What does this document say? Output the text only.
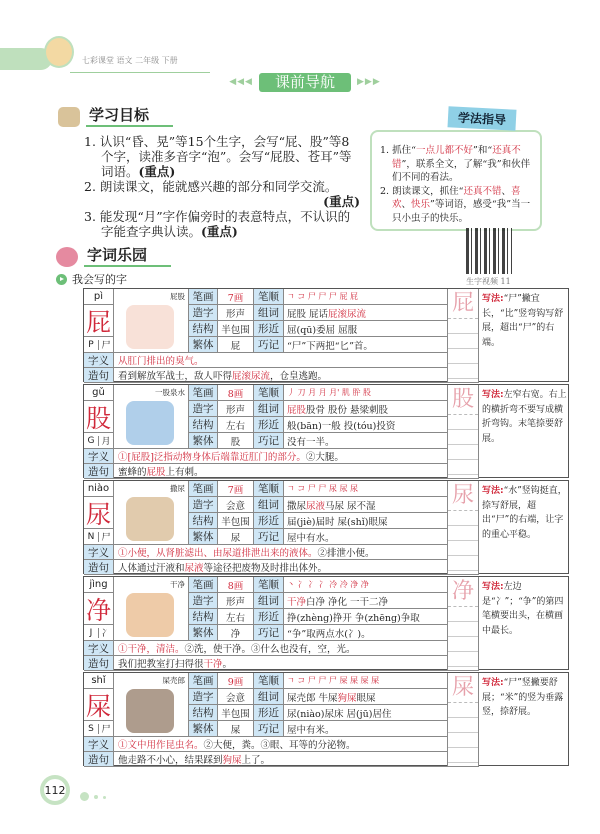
七彩课堂 语文 二年级 下册
◀◀◀	课前导航	▶▶▶
学习目标
1. 认识“昏、晃”等15个生字，会写“屁、股”等8个字，读准多音字“泡”。会写“屁股、苍耳”等词语。(重点)
2. 朗读课文，能就感兴趣的部分和同学交流。
(重点)
3. 能发现“月”字作偏旁时的表意特点，不认识的字能查字典认读。(重点)
1. 抓住“一点儿都不好”和“还真不错”，联系全文，了解“我”和伙伴们不同的看法。
2. 朗读课文，抓住“还真不错、喜欢、快乐”等词语，感受“我”当一只小虫子的快乐。
学法指导
生字视频 11
字词乐园
我会写的字
pì
屁
P 尸
屁股 笔画	7画	笔顺	ㄱ コ 尸 尸 尸 屁 屁
造字	形声	组词 屁股 屁话 屁滚尿流
结构 半包围 形近 屈(qū)委屈 屈服
繁体	屁	巧记 “尸”下两把“匕”首。
屁 写法:“尸”撇宜长，“比”竖弯钩写舒展，超出“尸”的右端。
字义 从肛门排出的臭气。
造句 看到解放军战士，敌人吓得 屁滚尿流 ，仓皇逃跑。
gǔ
股
G 月
一股泉水 笔画	8画	笔顺	丿 刀 月 月 月' 肌 肸 股
造字	形声	组词 屁股 股骨 股份 悬梁刺股
结构	左右	形近 般(bān)一般 投(tóu)投资
繁体	股	巧记 没有一半。
股 写法:左窄右宽。右上的横折弯不要写成横折弯钩。末笔捺要舒展。
字义 ①[屁股]泛指动物身体后端靠近肛门的部分。 ②大腿。
造句 蜜蜂的 屁股 上有刺。
niào
尿
N 尸
撒尿 笔画	7画	笔顺	ㄱ コ 尸 尸 尿 尿 尿
造字	会意	组词 撒尿 尿液 马尿 尿不湿
结构 半包围 形近 届(jiè)届时 屎(shǐ)眼屎
繁体	尿	巧记 屋中有水。
尿 写法:“水”竖钩挺直，捺写舒展，超出“尸”的右端，让字的重心平稳。
字义 ①小便，从肾脏滤出、由尿道排泄出来的液体。 ②排泄小便。
造句 人体通过汗液和 尿液 等途径把废物及时排出体外。
jìng
净
J	冫
干净 笔画	8画	笔顺	丶 冫 冫 冫 冷 冷 净 净
造字	形声	组词 干净 白净 净化 一干二净
结构	左右	形近 挣(zhèng)挣开 争(zhēng)争取
繁体	净	巧记 “争”取两点水(冫)。
净 写法:左边是“冫”；“争”的第四笔横要出头，在横画中最长。
字义 ①干净，清洁。 ②洗，使干净。③什么也没有，空，光。
造句 我们把教室打扫得很 干净 。
shǐ
屎
S 尸
屎壳郎 笔画	9画	笔顺	ㄱ コ 尸 尸 尸 屎 屎 屎 屎
造字	会意	组词 屎壳郎 牛屎 狗屎 眼屎
结构 半包围 形近 尿(niào)尿床 居(jū)居住
繁体	屎	巧记 屋中有米。
屎 写法:“尸”竖撇要舒展；“米”的竖为垂露竖，捺舒展。
字义 ①文中用作昆虫名。 ②大便，粪。③眼、耳等的分泌物。
造句 他走路不小心，结果踩到 狗屎 上了。
112
